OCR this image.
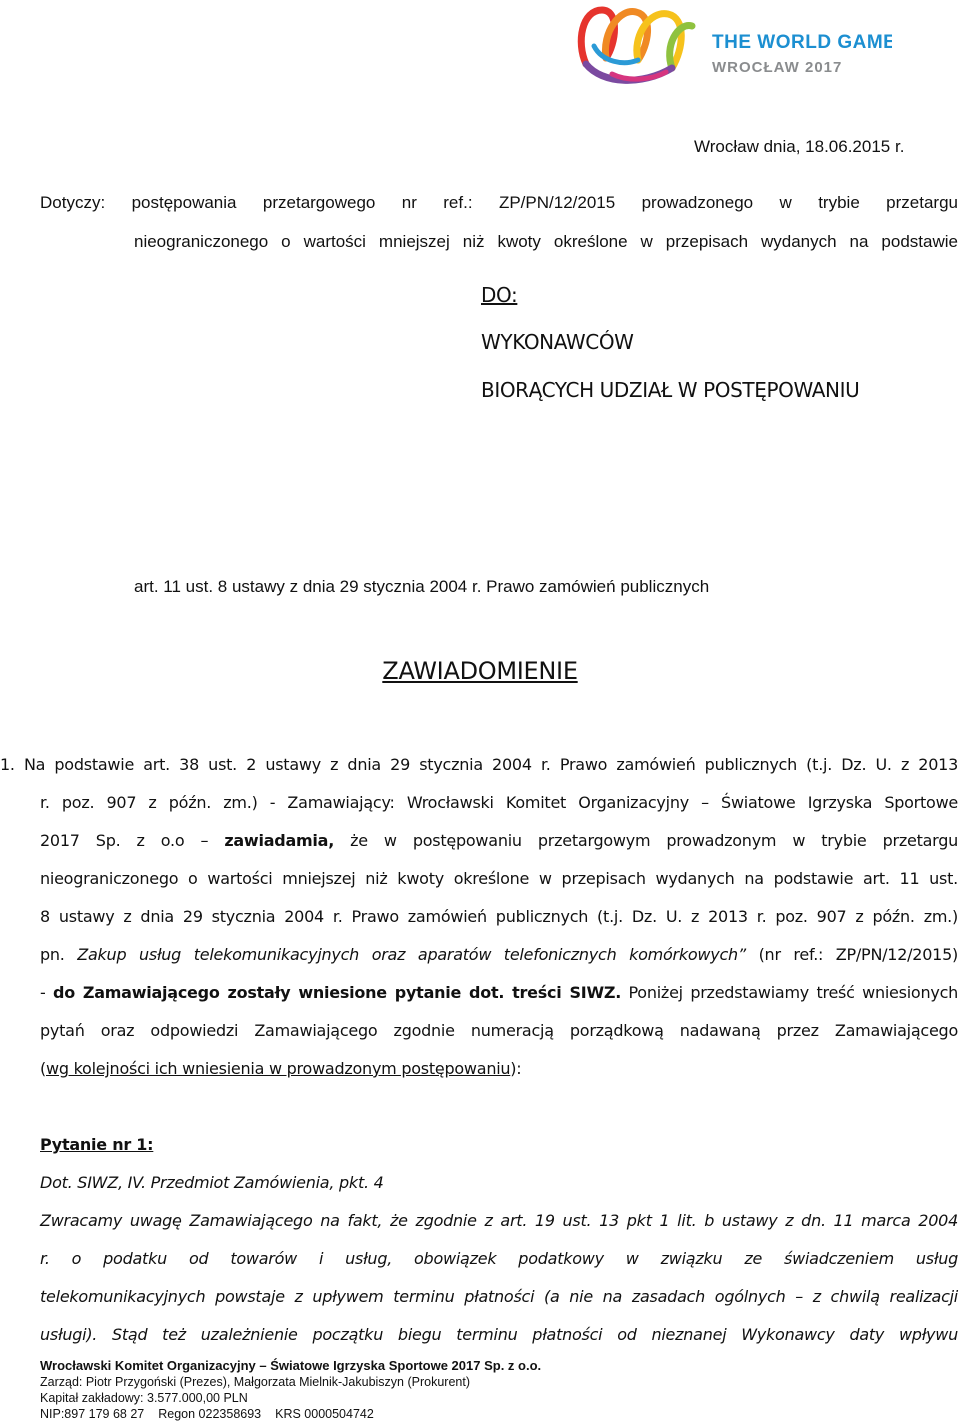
THE WORLD GAMES
WROCŁAW 2017
Wrocław dnia, 18.06.2015 r.
DO:
WYKONAWCÓW
BIORĄCYCH UDZIAŁ W POSTĘPOWANIU
Dotyczy: postępowania przetargowego nr ref.: ZP/PN/12/2015 prowadzonego w trybie przetargu
nieograniczonego o wartości mniejszej niż kwoty określone w przepisach wydanych na podstawie
art. 11 ust. 8 ustawy z dnia 29 stycznia 2004 r. Prawo zamówień publicznych
ZAWIADOMIENIE
1. Na podstawie art. 38 ust. 2 ustawy z dnia 29 stycznia 2004 r. Prawo zamówień publicznych (t.j. Dz. U. z 2013
r. poz. 907 z późn. zm.) - Zamawiający: Wrocławski Komitet Organizacyjny – Światowe Igrzyska Sportowe
2017 Sp. z o.o – zawiadamia, że w postępowaniu przetargowym prowadzonym w trybie przetargu
nieograniczonego o wartości mniejszej niż kwoty określone w przepisach wydanych na podstawie art. 11 ust.
8 ustawy z dnia 29 stycznia 2004 r. Prawo zamówień publicznych (t.j. Dz. U. z 2013 r. poz. 907 z późn. zm.)
pn. Zakup usług telekomunikacyjnych oraz aparatów telefonicznych komórkowych” (nr ref.: ZP/PN/12/2015)
- do Zamawiającego zostały wniesione pytanie dot. treści SIWZ. Poniżej przedstawiamy treść wniesionych
pytań oraz odpowiedzi Zamawiającego zgodnie numeracją porządkową nadawaną przez Zamawiającego
(wg kolejności ich wniesienia w prowadzonym postępowaniu):
Pytanie nr 1:
Dot. SIWZ, IV. Przedmiot Zamówienia, pkt. 4
Zwracamy uwagę Zamawiającego na fakt, że zgodnie z art. 19 ust. 13 pkt 1 lit. b ustawy z dn. 11 marca 2004
r. o podatku od towarów i usług, obowiązek podatkowy w związku ze świadczeniem usług
telekomunikacyjnych powstaje z upływem terminu płatności (a nie na zasadach ogólnych – z chwilą realizacji
usługi). Stąd też uzależnienie początku biegu terminu płatności od nieznanej Wykonawcy daty wpływu
Wrocławski Komitet Organizacyjny – Światowe Igrzyska Sportowe 2017 Sp. z o.o.
Zarząd: Piotr Przygoński (Prezes), Małgorzata Mielnik-Jakubiszyn (Prokurent)
Kapitał zakładowy: 3.577.000,00 PLN
NIP:897 179 68 27 Regon 022358693 KRS 0000504742
